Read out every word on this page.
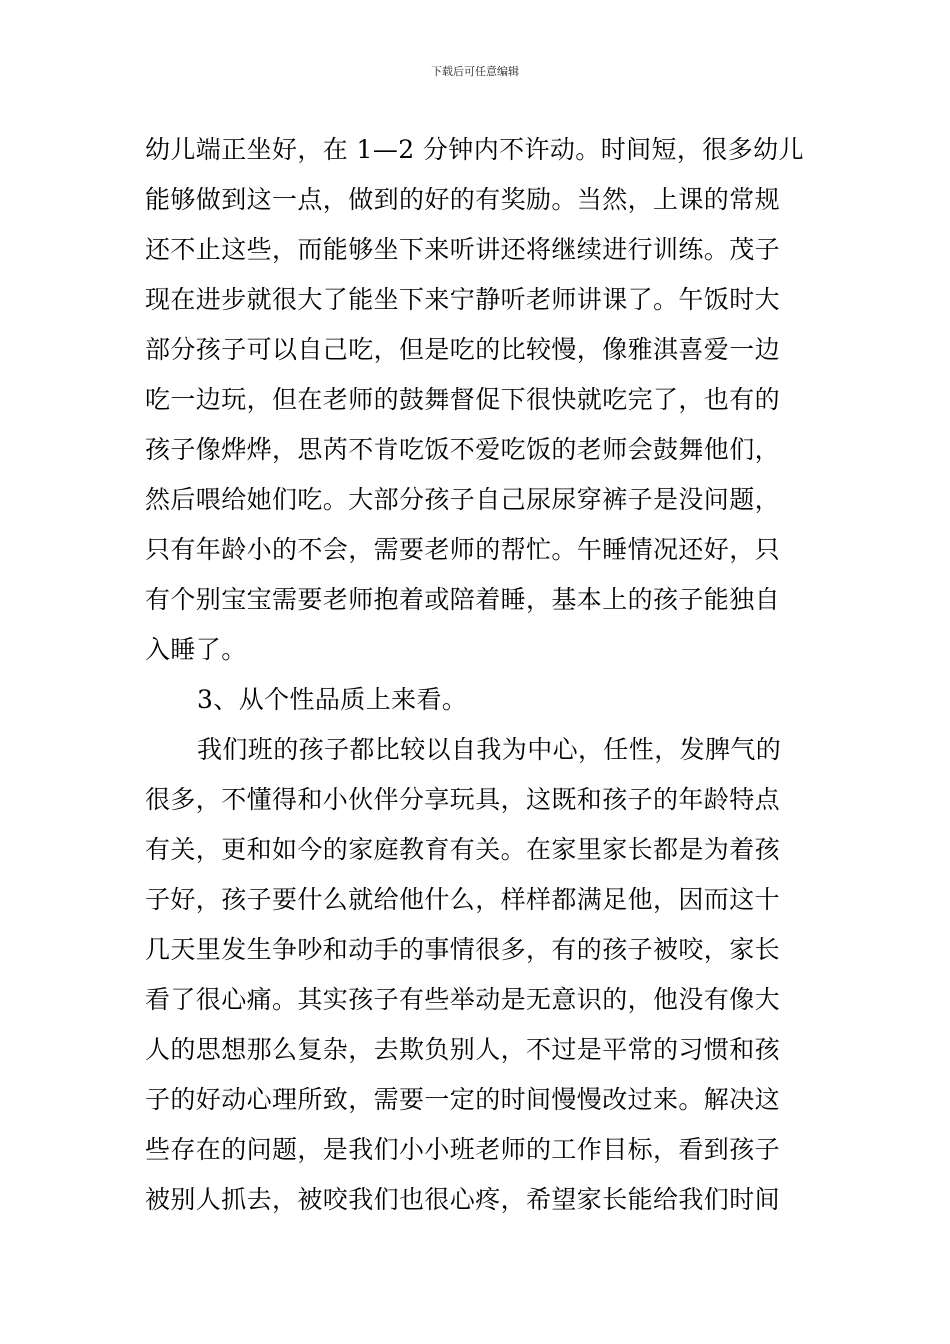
下载后可任意编辑
幼儿端正坐好，在 1—2 分钟内不许动。时间短，很多幼儿
能够做到这一点，做到的好的有奖励。当然，上课的常规
还不止这些，而能够坐下来听讲还将继续进行训练。茂子
现在进步就很大了能坐下来宁静听老师讲课了。午饭时大
部分孩子可以自己吃，但是吃的比较慢，像雅淇喜爱一边
吃一边玩，但在老师的鼓舞督促下很快就吃完了，也有的
孩子像烨烨，思芮不肯吃饭不爱吃饭的老师会鼓舞他们，
然后喂给她们吃。大部分孩子自己尿尿穿裤子是没问题，
只有年龄小的不会，需要老师的帮忙。午睡情况还好，只
有个别宝宝需要老师抱着或陪着睡，基本上的孩子能独自
入睡了。
3、从个性品质上来看。
我们班的孩子都比较以自我为中心，任性，发脾气的
很多，不懂得和小伙伴分享玩具，这既和孩子的年龄特点
有关，更和如今的家庭教育有关。在家里家长都是为着孩
子好，孩子要什么就给他什么，样样都满足他，因而这十
几天里发生争吵和动手的事情很多，有的孩子被咬，家长
看了很心痛。其实孩子有些举动是无意识的，他没有像大
人的思想那么复杂，去欺负别人，不过是平常的习惯和孩
子的好动心理所致，需要一定的时间慢慢改过来。解决这
些存在的问题，是我们小小班老师的工作目标，看到孩子
被别人抓去，被咬我们也很心疼，希望家长能给我们时间
